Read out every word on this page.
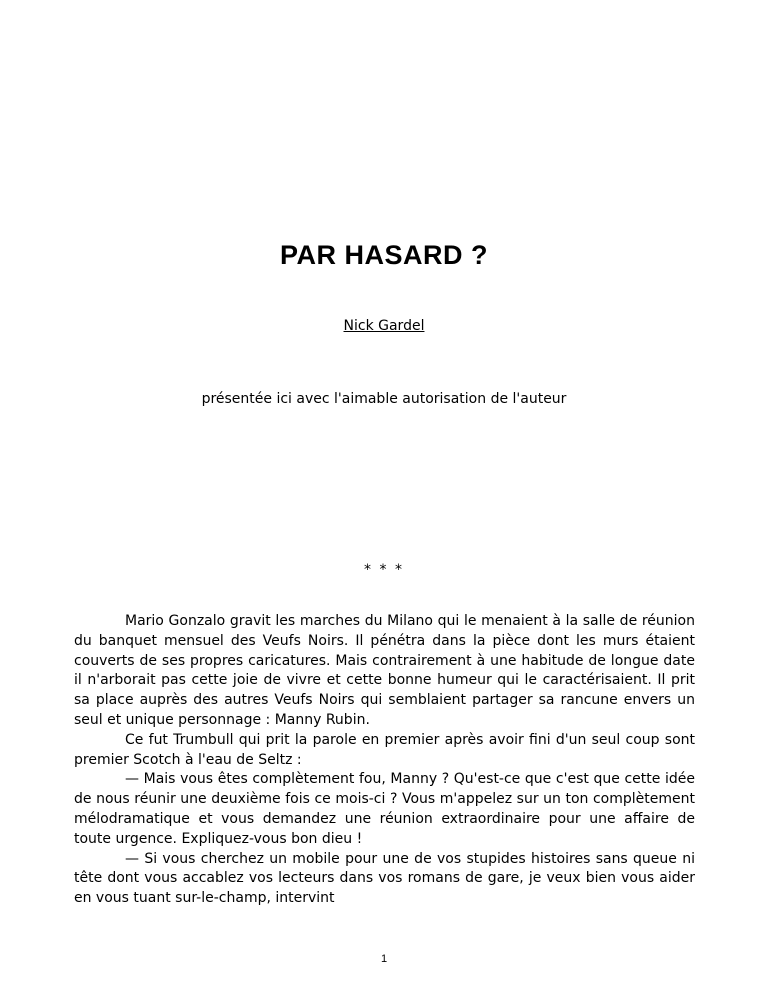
PAR HASARD ?
Nick Gardel
présentée ici avec l'aimable autorisation de l'auteur
* * *

Mario Gonzalo gravit les marches du Milano qui le menaient à la salle de réunion du banquet mensuel des Veufs Noirs. Il pénétra dans la pièce dont les murs étaient couverts de ses propres caricatures. Mais contrairement à une habitude de longue date il n'arborait pas cette joie de vivre et cette bonne humeur qui le caractérisaient. Il prit sa place auprès des autres Veufs Noirs qui semblaient partager sa rancune envers un seul et unique personnage : Manny Rubin.

Ce fut Trumbull qui prit la parole en premier après avoir fini d'un seul coup sont premier Scotch à l'eau de Seltz :

— Mais vous êtes complètement fou, Manny ? Qu'est-ce que c'est que cette idée de nous réunir une deuxième fois ce mois-ci ? Vous m'appelez sur un ton complètement mélodramatique et vous demandez une réunion extraordinaire pour une affaire de toute urgence. Expliquez-vous bon dieu !

— Si vous cherchez un mobile pour une de vos stupides histoires sans queue ni tête dont vous accablez vos lecteurs dans vos romans de gare, je veux bien vous aider en vous tuant sur-le-champ, intervint

1
